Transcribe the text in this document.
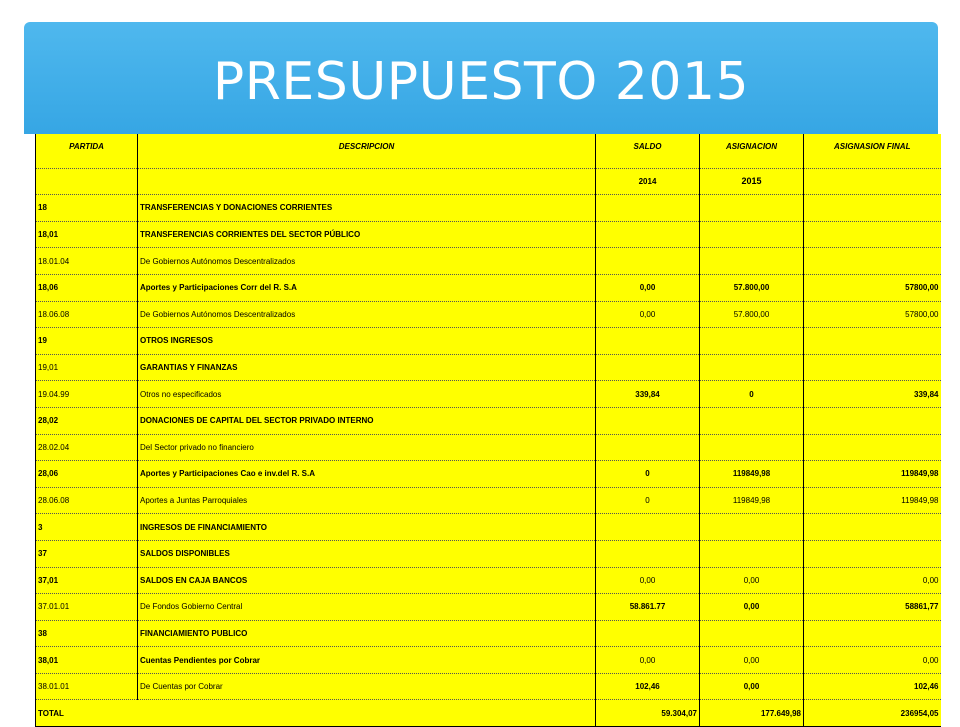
PRESUPUESTO 2015
PARTIDA	DESCRIPCION	SALDO	ASIGNACION	ASIGNASION FINAL
		2014	2015	
18	TRANSFERENCIAS Y DONACIONES CORRIENTES			
18,01	TRANSFERENCIAS CORRIENTES DEL SECTOR PÚBLICO			
18.01.04	De Gobiernos Autónomos Descentralizados			
18,06	Aportes y Participaciones Corr del R. S.A	0,00	57.800,00	57800,00
18.06.08	De Gobiernos Autónomos Descentralizados	0,00	57.800,00	57800,00
19	OTROS INGRESOS			
19,01	GARANTIAS Y FINANZAS			
19.04.99	Otros no especificados	339,84	0	339,84
28,02	DONACIONES DE CAPITAL DEL SECTOR PRIVADO INTERNO			
28.02.04	Del Sector privado no financiero			
28,06	Aportes y Participaciones Cao e inv.del R. S.A	0	119849,98	119849,98
28.06.08	Aportes a Juntas Parroquiales	0	119849,98	119849,98
3	INGRESOS DE FINANCIAMIENTO			
37	SALDOS DISPONIBLES			
37,01	SALDOS EN CAJA BANCOS	0,00	0,00	0,00
37.01.01	De Fondos Gobierno Central	58.861.77	0,00	58861,77
38	FINANCIAMIENTO PUBLICO			
38,01	Cuentas Pendientes por Cobrar	0,00	0,00	0,00
38.01.01	De Cuentas por Cobrar	102,46	0,00	102,46
TOTAL		59.304,07	177.649,98	236954,05
